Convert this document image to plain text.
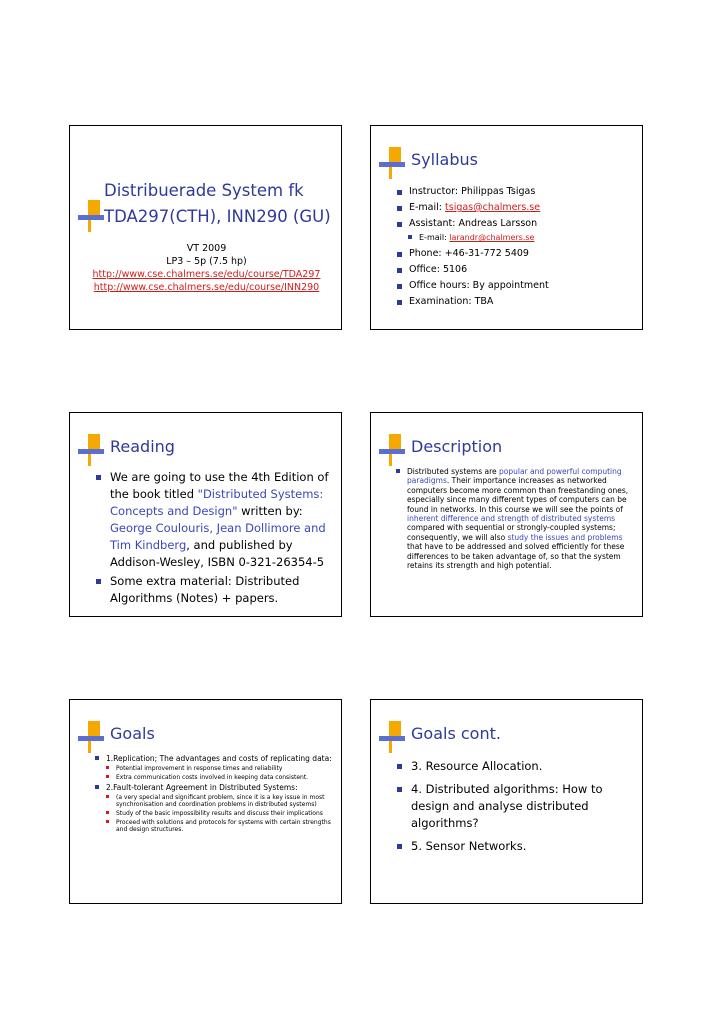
Distribuerade System fk
TDA297(CTH), INN290 (GU)
VT 2009
LP3 – 5p (7.5 hp)
http://www.cse.chalmers.se/edu/course/TDA297
http://www.cse.chalmers.se/edu/course/INN290
Syllabus
Instructor: Philippas Tsigas
E-mail: tsigas@chalmers.se
Assistant: Andreas Larsson
E-mail: larandr@chalmers.se
Phone: +46-31-772 5409
Office: 5106
Office hours: By appointment
Examination: TBA
Reading
We are going to use the 4th Edition of the book titled "Distributed Systems: Concepts and Design" written by: George Coulouris, Jean Dollimore and Tim Kindberg, and published by Addison-Wesley, ISBN 0-321-26354-5
Some extra material: Distributed Algorithms (Notes) + papers.
Description
Distributed systems are popular and powerful computing paradigms. Their importance increases as networked computers become more common than freestanding ones, especially since many different types of computers can be found in networks. In this course we will see the points of inherent difference and strength of distributed systems compared with sequential or strongly-coupled systems; consequently, we will also study the issues and problems that have to be addressed and solved efficiently for these differences to be taken advantage of, so that the system retains its strength and high potential.
Goals
1.Replication; The advantages and costs of replicating data:
Potential improvement in response times and reliability
Extra communication costs involved in keeping data consistent.
2.Fault-tolerant Agreement in Distributed Systems:
(a very special and significant problem, since it is a key issue in most synchronisation and coordination problems in distributed systems)
Study of the basic impossibility results and discuss their implications
Proceed with solutions and protocols for systems with certain strengths and design structures.
Goals cont.
3. Resource Allocation.
4. Distributed algorithms: How to design and analyse distributed algorithms?
5. Sensor Networks.
